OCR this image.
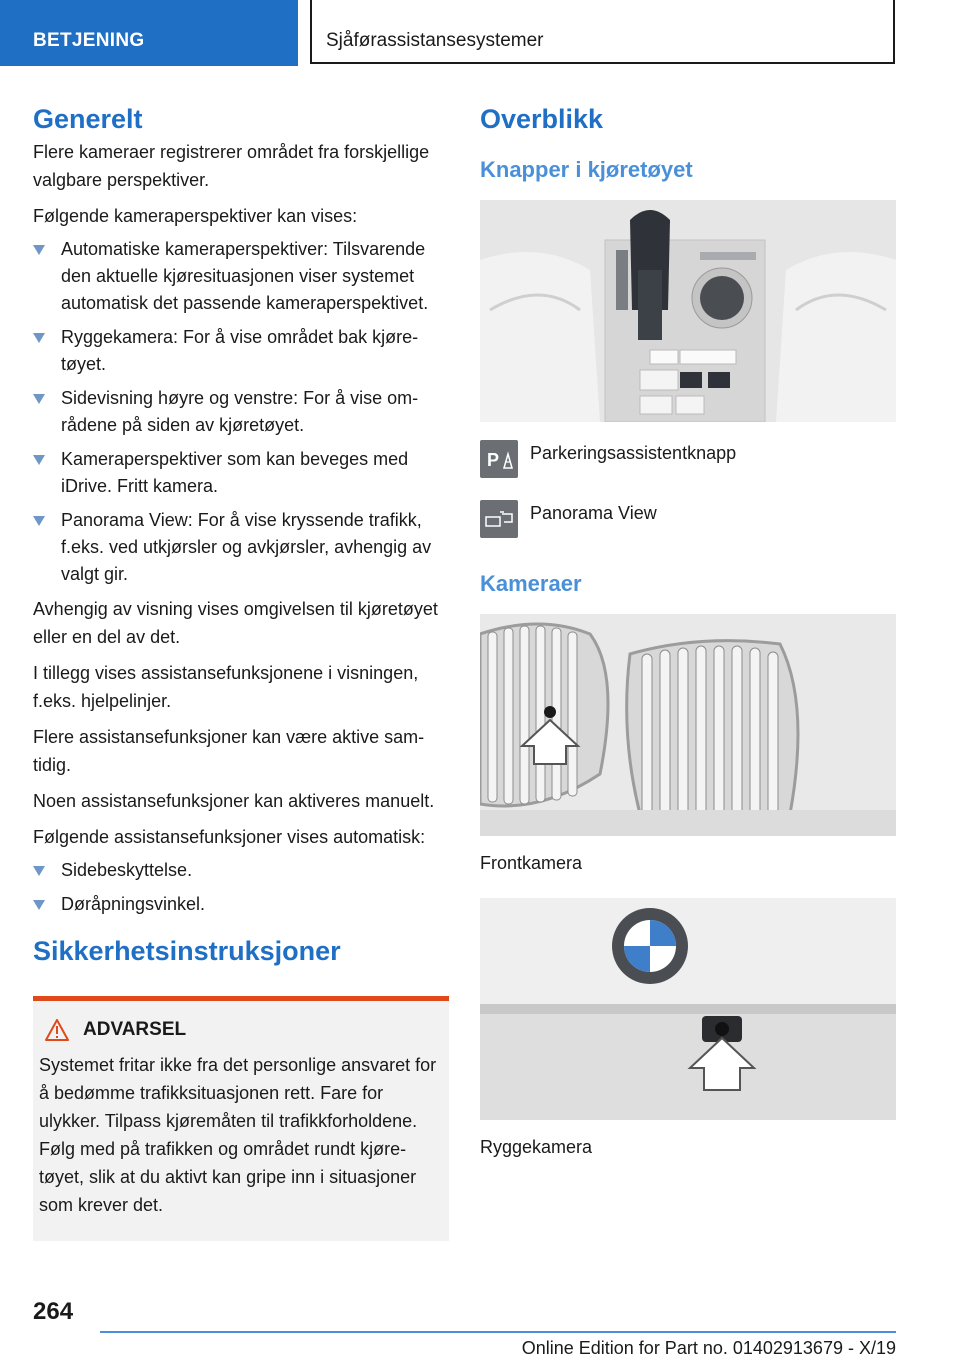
BETJENING	Sjåførassistansesystemer
Generelt

Flere kameraer registrerer området fra forskjellige valgbare perspektiver.

Følgende kameraperspektiver kan vises:

Automatiske kameraperspektiver: Tilsvarende den aktuelle kjøresituasjonen viser systemet automatisk det passende kameraperspektivet.
Ryggekamera: For å vise området bak kjøretøyet.
Sidevisning høyre og venstre: For å vise områdene på siden av kjøretøyet.
Kameraperspektiver som kan beveges med iDrive. Fritt kamera.
Panorama View: For å vise kryssende trafikk, f.eks. ved utkjørsler og avkjørsler, avhengig av valgt gir.

Avhengig av visning vises omgivelsen til kjøretøyet eller en del av det.

I tillegg vises assistansefunksjonene i visningen, f.eks. hjelpelinjer.

Flere assistansefunksjoner kan være aktive samtidig.

Noen assistansefunksjoner kan aktiveres manuelt.

Følgende assistansefunksjoner vises automatisk:

Sidebeskyttelse.
Døråpningsvinkel.
Sikkerhetsinstruksjoner
ADVARSEL

Systemet fritar ikke fra det personlige ansvaret for å bedømme trafikksituasjonen rett. Fare for ulykker. Tilpass kjøremåten til trafikkforholdene. Følg med på trafikken og området rundt kjøretøyet, slik at du aktivt kan gripe inn i situasjoner som krever det.

Overblikk
Knapper i kjøretøyet
P Parkeringsassistentknapp
Panorama View
Kameraer
Frontkamera
Ryggekamera
264
Online Edition for Part no. 01402913679 - X/19
